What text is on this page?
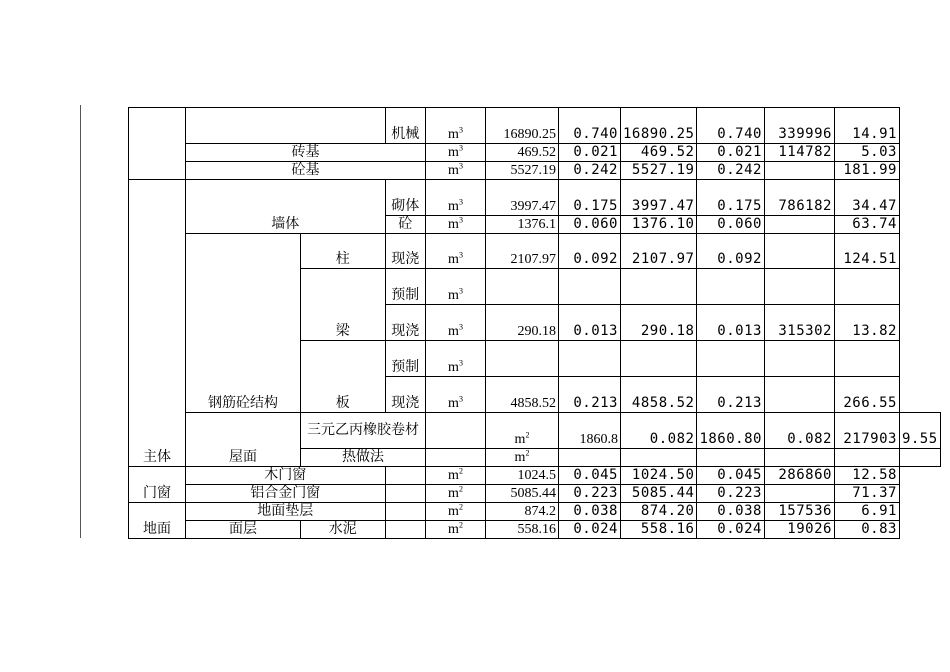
			机械	$m^3$	16890.25	0.740	16890.25	0.740	339996	14.91	
	砖基			$m^3$	469.52	0.021	469.52	0.021	114782	5.03	
	砼基			$m^3$	5527.19	0.242	5527.19	0.242		181.99	
主体	墙体		砌体	$m^3$	3997.47	0.175	3997.47	0.175	786182	34.47	
			砼	$m^3$	1376.1	0.060	1376.10	0.060		63.74	
	钢筋砼结构	柱	现浇	$m^3$	2107.97	0.092	2107.97	0.092		124.51	
		梁	预制	$m^3$						
			现浇	$m^3$	290.18	0.013	290.18	0.013	315302	13.82	
		板	预制	$m^3$						
			现浇	$m^3$	4858.52	0.213	4858.52	0.213		266.55	
	屋面	三元乙丙橡胶卷材			$m^2$	1860.8	0.082	1860.80	0.082	217903	9.55
		热做法			$m^2$						
门窗	木门窗			$m^2$	1024.5	0.045	1024.50	0.045	286860	12.58	
	铝合金门窗			$m^2$	5085.44	0.223	5085.44	0.223		71.37	
地面	地面垫层			$m^2$	874.2	0.038	874.20	0.038	157536	6.91	
	面层	水泥		$m^2$	558.16	0.024	558.16	0.024	19026	0.83	
